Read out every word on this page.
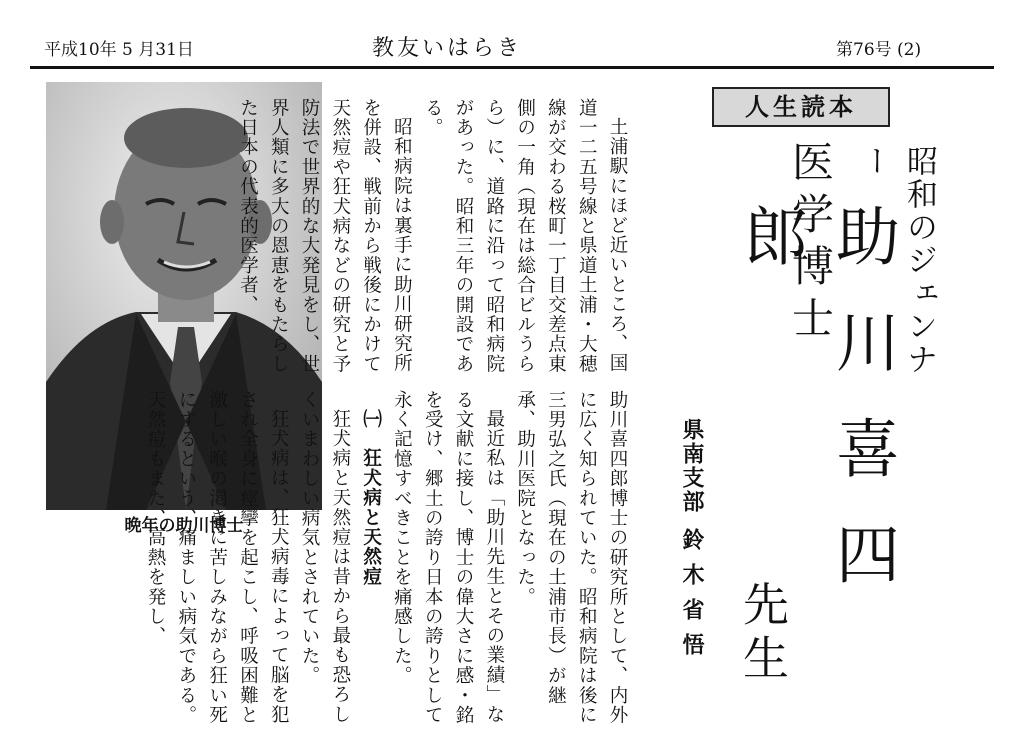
平成10年 5 月31日	教友いはらき	第76号 (2)
晩年の助川博士

土浦駅にほど近いところ、国道一二五号線と県道土浦・大穂線が交わる桜町一丁目交差点東側の一角（現在は総合ビルうらら）に、道路に沿って昭和病院があった。昭和三年の開設である。

昭和病院は裏手に助川研究所を併設、戦前から戦後にかけて天然痘や狂犬病などの研究と予防法で世界的な大発見をし、世界人類に多大の恩恵をもたらした日本の代表的医学者、

助川喜四郎博士の研究所として、内外に広く知られていた。昭和病院は後に三男弘之氏（現在の土浦市長）が継承、助川医院となった。

最近私は「助川先生とその業績」なる文献に接し、博士の偉大さに感・銘を受け、郷土の誇り日本の誇りとして永く記憶すべきことを痛感した。

㈠　狂犬病と天然痘

狂犬病と天然痘は昔から最も恐ろしくいまわしい病気とされていた。

狂犬病は、狂犬病毒によって脳を犯され全身に痙攣を起こし、呼吸困難と激しい喉の渇きに苦しみながら狂い死にするという、痛ましい病気である。天然痘もまた、高熱を発し、

人生読本
昭和のジェンナー
医学博士
助川喜四郎
先生
県南支部
鈴木省悟
